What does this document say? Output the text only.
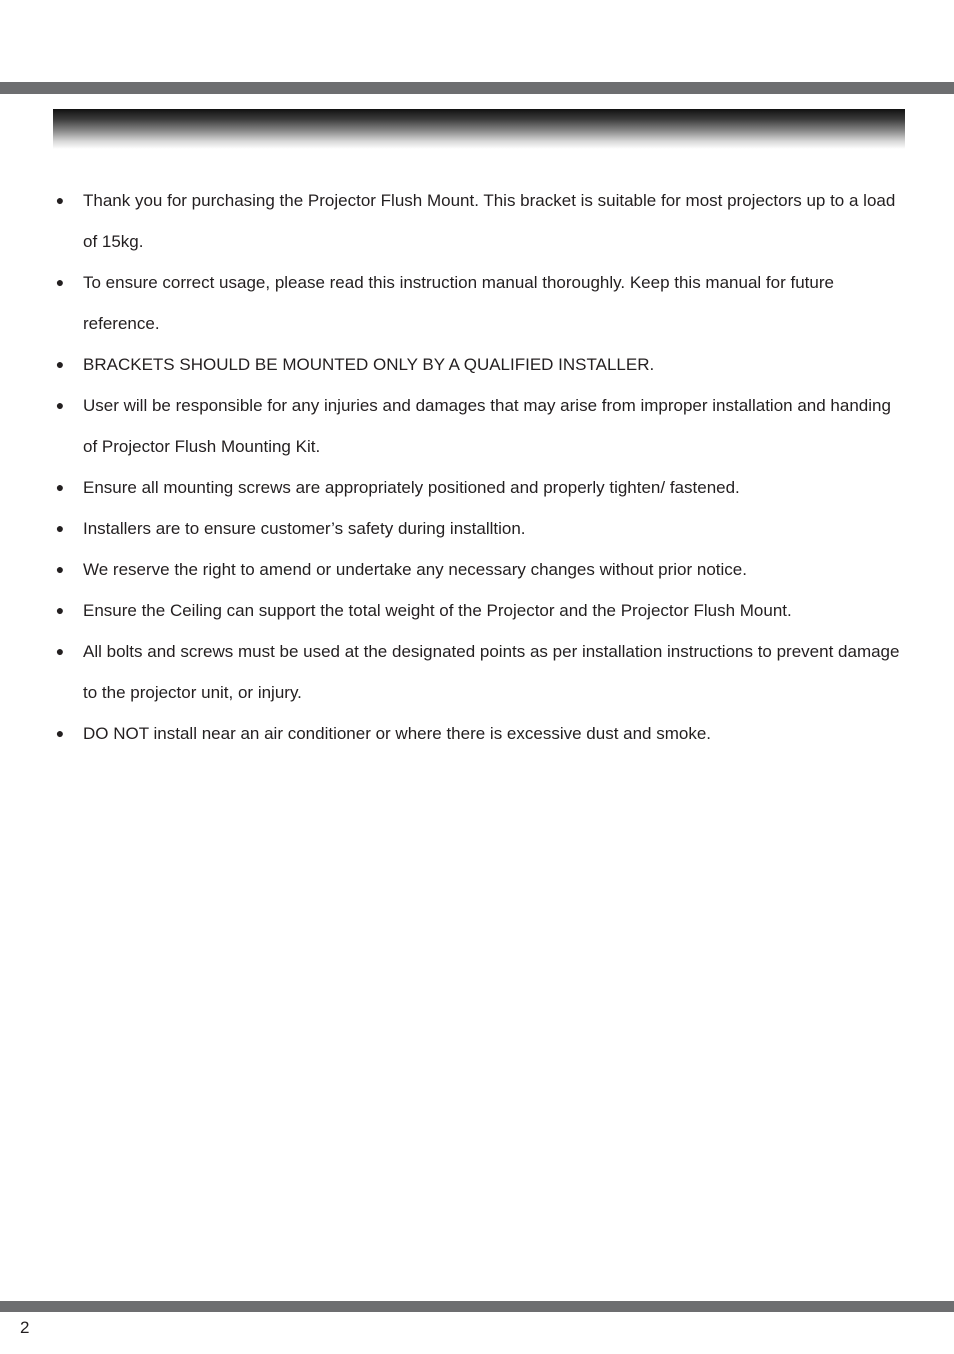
● Thank you for purchasing the Projector Flush Mount. This bracket is suitable for most projectors up to a load of 15kg.
● To ensure correct usage, please read this instruction manual thoroughly. Keep this manual for future reference.
● BRACKETS SHOULD BE MOUNTED ONLY BY A QUALIFIED INSTALLER.
● User will be responsible for any injuries and damages that may arise from improper installation and handing of Projector Flush Mounting Kit.
● Ensure all mounting screws are appropriately positioned and properly tighten/ fastened.
● Installers are to ensure customer’s safety during installtion.
● We reserve the right to amend or undertake any necessary changes without prior notice.
● Ensure the Ceiling can support the total weight of the Projector and the Projector Flush Mount.
● All bolts and screws must be used at the designated points as per installation instructions to prevent damage to the projector unit, or injury.
● DO NOT install near an air conditioner or where there is excessive dust and smoke.
2
